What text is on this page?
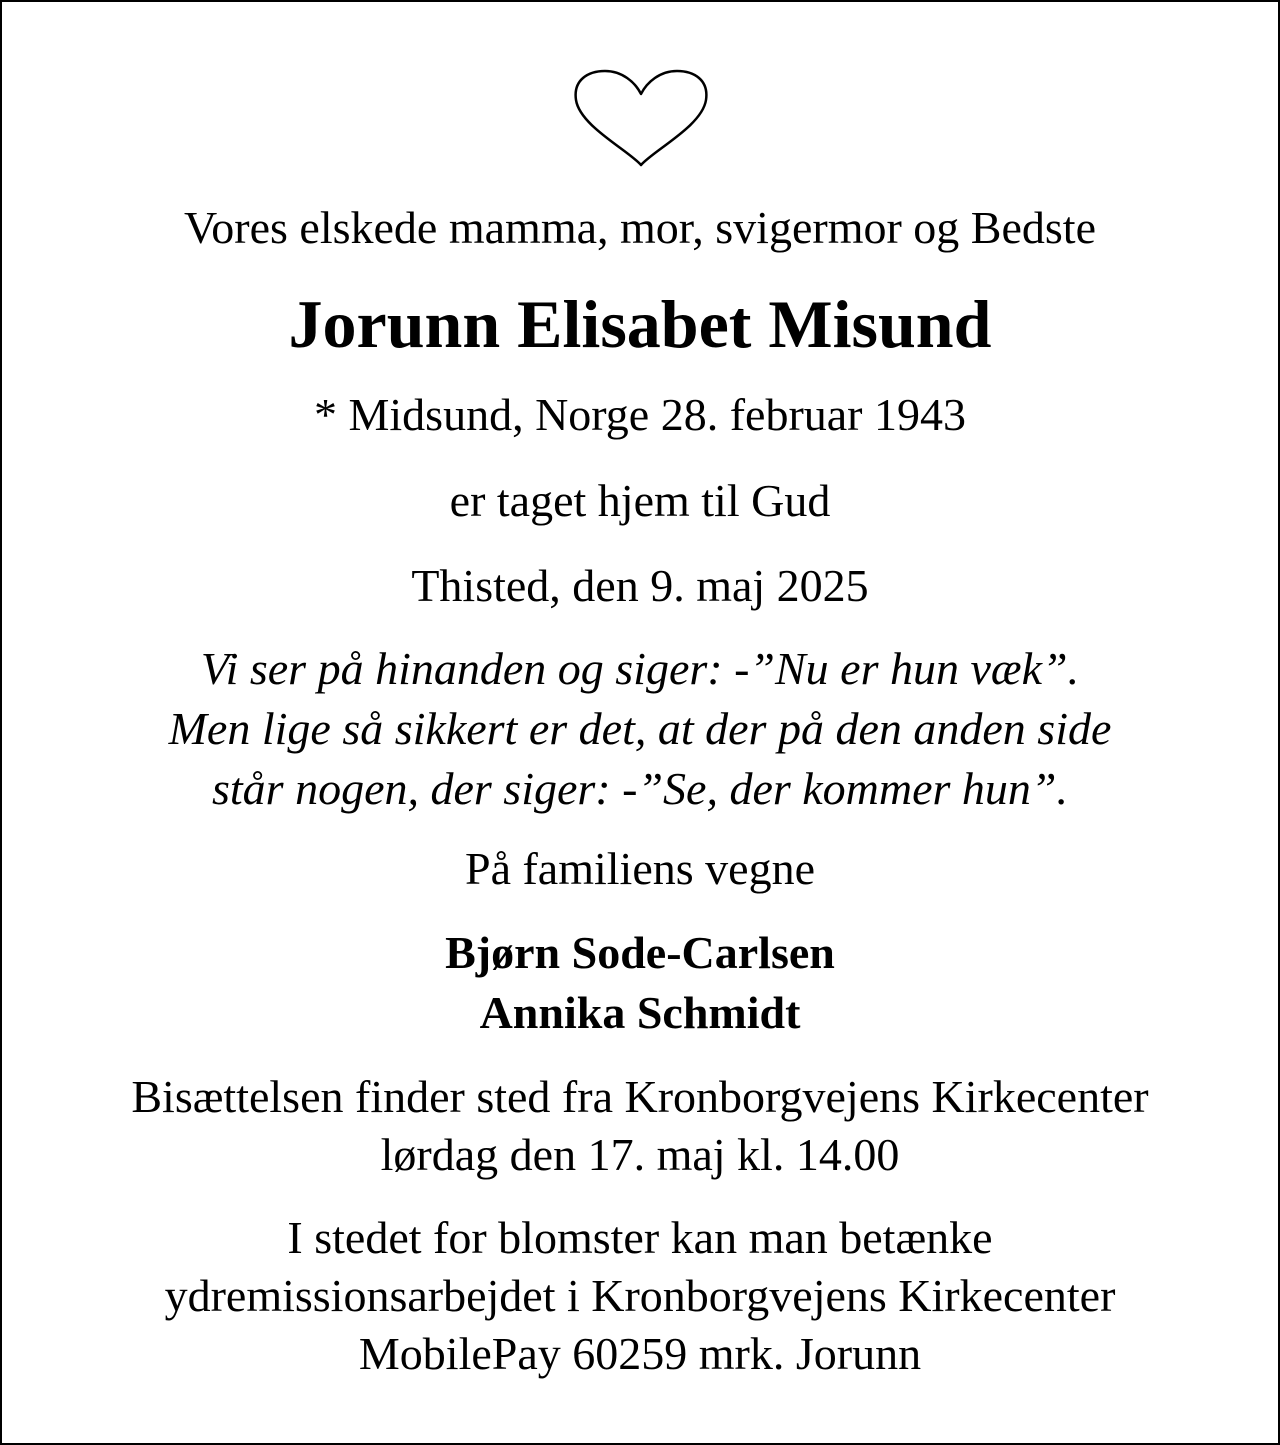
Vores elskede mamma, mor, svigermor og Bedste
Jorunn Elisabet Misund
* Midsund, Norge 28. februar 1943
er taget hjem til Gud
Thisted, den 9. maj 2025
Vi ser på hinanden og siger: -”Nu er hun væk”.
Men lige så sikkert er det, at der på den anden side
står nogen, der siger: -”Se, der kommer hun”.
På familiens vegne
Bjørn Sode-Carlsen
Annika Schmidt
Bisættelsen finder sted fra Kronborgvejens Kirkecenter
lørdag den 17. maj kl. 14.00
I stedet for blomster kan man betænke
ydremissionsarbejdet i Kronborgvejens Kirkecenter
MobilePay 60259 mrk. Jorunn
